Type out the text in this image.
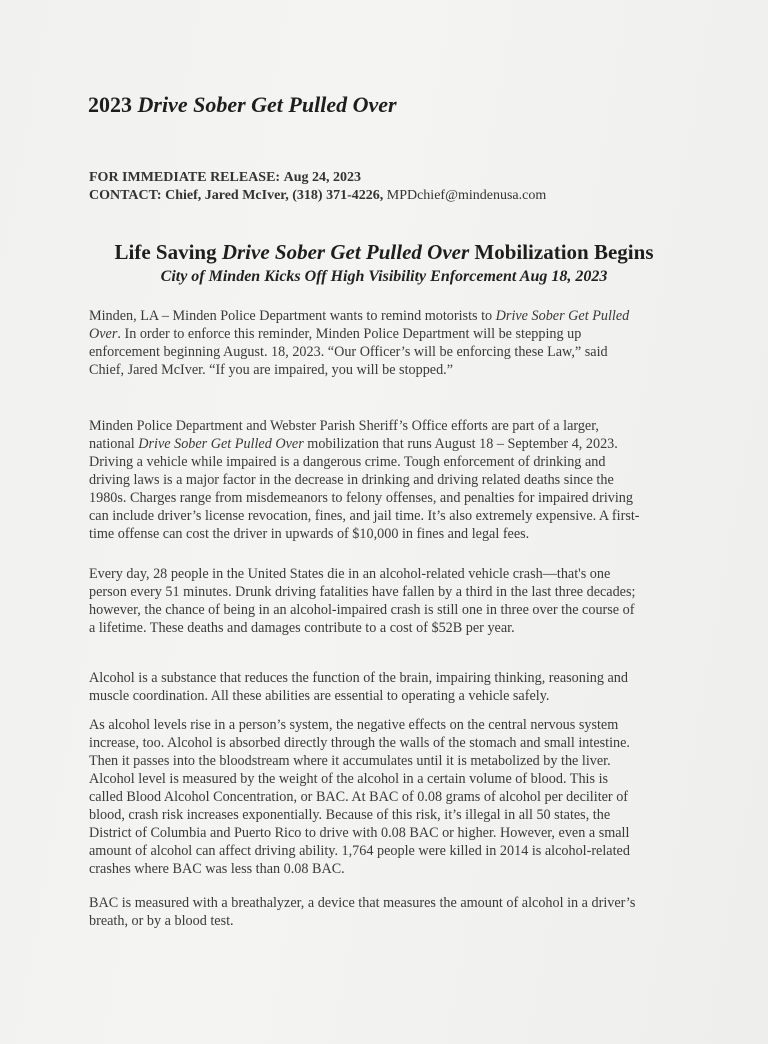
2023 Drive Sober Get Pulled Over
FOR IMMEDIATE RELEASE: Aug 24, 2023
CONTACT: Chief, Jared McIver, (318) 371-4226, MPDchief@mindenusa.com
Life Saving Drive Sober Get Pulled Over Mobilization Begins
City of Minden Kicks Off High Visibility Enforcement Aug 18, 2023

Minden, LA – Minden Police Department wants to remind motorists to Drive Sober Get Pulled
Over. In order to enforce this reminder, Minden Police Department will be stepping up
enforcement beginning August. 18, 2023. “Our Officer’s will be enforcing these Law,” said
Chief, Jared McIver. “If you are impaired, you will be stopped.”

Minden Police Department and Webster Parish Sheriff’s Office efforts are part of a larger,
national Drive Sober Get Pulled Over mobilization that runs August 18 – September 4, 2023.
Driving a vehicle while impaired is a dangerous crime. Tough enforcement of drinking and
driving laws is a major factor in the decrease in drinking and driving related deaths since the
1980s. Charges range from misdemeanors to felony offenses, and penalties for impaired driving
can include driver’s license revocation, fines, and jail time. It’s also extremely expensive. A first-
time offense can cost the driver in upwards of $10,000 in fines and legal fees.

Every day, 28 people in the United States die in an alcohol-related vehicle crash—that's one
person every 51 minutes. Drunk driving fatalities have fallen by a third in the last three decades;
however, the chance of being in an alcohol-impaired crash is still one in three over the course of
a lifetime. These deaths and damages contribute to a cost of $52B per year.

Alcohol is a substance that reduces the function of the brain, impairing thinking, reasoning and
muscle coordination. All these abilities are essential to operating a vehicle safely.

As alcohol levels rise in a person’s system, the negative effects on the central nervous system
increase, too. Alcohol is absorbed directly through the walls of the stomach and small intestine.
Then it passes into the bloodstream where it accumulates until it is metabolized by the liver.
Alcohol level is measured by the weight of the alcohol in a certain volume of blood. This is
called Blood Alcohol Concentration, or BAC. At BAC of 0.08 grams of alcohol per deciliter of
blood, crash risk increases exponentially. Because of this risk, it’s illegal in all 50 states, the
District of Columbia and Puerto Rico to drive with 0.08 BAC or higher. However, even a small
amount of alcohol can affect driving ability. 1,764 people were killed in 2014 is alcohol-related
crashes where BAC was less than 0.08 BAC.

BAC is measured with a breathalyzer, a device that measures the amount of alcohol in a driver’s
breath, or by a blood test.
